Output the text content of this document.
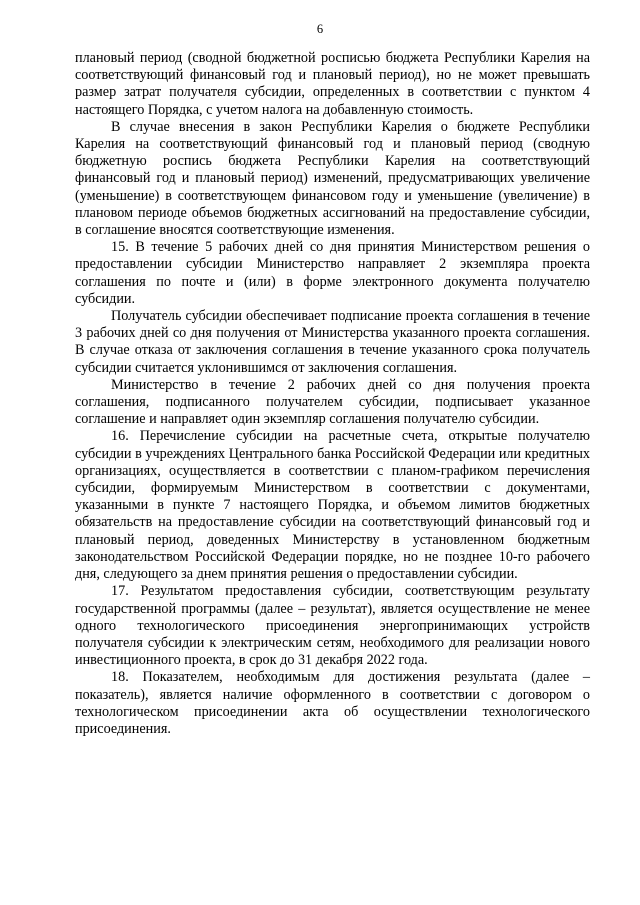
6

плановый период (сводной бюджетной росписью бюджета Республики Карелия на соответствующий финансовый год и плановый период), но не может превышать размер затрат получателя субсидии, определенных в соответствии с пунктом 4 настоящего Порядка, с учетом налога на добавленную стоимость.

В случае внесения в закон Республики Карелия о бюджете Республики Карелия на соответствующий финансовый год и плановый период (сводную бюджетную роспись бюджета Республики Карелия на соответствующий финансовый год и плановый период) изменений, предусматривающих увеличение (уменьшение) в соответствующем финансовом году и уменьшение (увеличение) в плановом периоде объемов бюджетных ассигнований на предоставление субсидии, в соглашение вносятся соответствующие изменения.

15. В течение 5 рабочих дней со дня принятия Министерством решения о предоставлении субсидии Министерство направляет 2 экземпляра проекта соглашения по почте и (или) в форме электронного документа получателю субсидии.

Получатель субсидии обеспечивает подписание проекта соглашения в течение 3 рабочих дней со дня получения от Министерства указанного проекта соглашения. В случае отказа от заключения соглашения в течение указанного срока получатель субсидии считается уклонившимся от заключения соглашения.

Министерство в течение 2 рабочих дней со дня получения проекта соглашения, подписанного получателем субсидии, подписывает указанное соглашение и направляет один экземпляр соглашения получателю субсидии.

16. Перечисление субсидии на расчетные счета, открытые получателю субсидии в учреждениях Центрального банка Российской Федерации или кредитных организациях, осуществляется в соответствии с планом-графиком перечисления субсидии, формируемым Министерством в соответствии с документами, указанными в пункте 7 настоящего Порядка, и объемом лимитов бюджетных обязательств на предоставление субсидии на соответствующий финансовый год и плановый период, доведенных Министерству в установленном бюджетным законодательством Российской Федерации порядке, но не позднее 10-го рабочего дня, следующего за днем принятия решения о предоставлении субсидии.

17. Результатом предоставления субсидии, соответствующим результату государственной программы (далее – результат), является осуществление не менее одного технологического присоединения энергопринимающих устройств получателя субсидии к электрическим сетям, необходимого для реализации нового инвестиционного проекта, в срок до 31 декабря 2022 года.

18. Показателем, необходимым для достижения результата (далее – показатель), является наличие оформленного в соответствии с договором о технологическом присоединении акта об осуществлении технологического присоединения.
